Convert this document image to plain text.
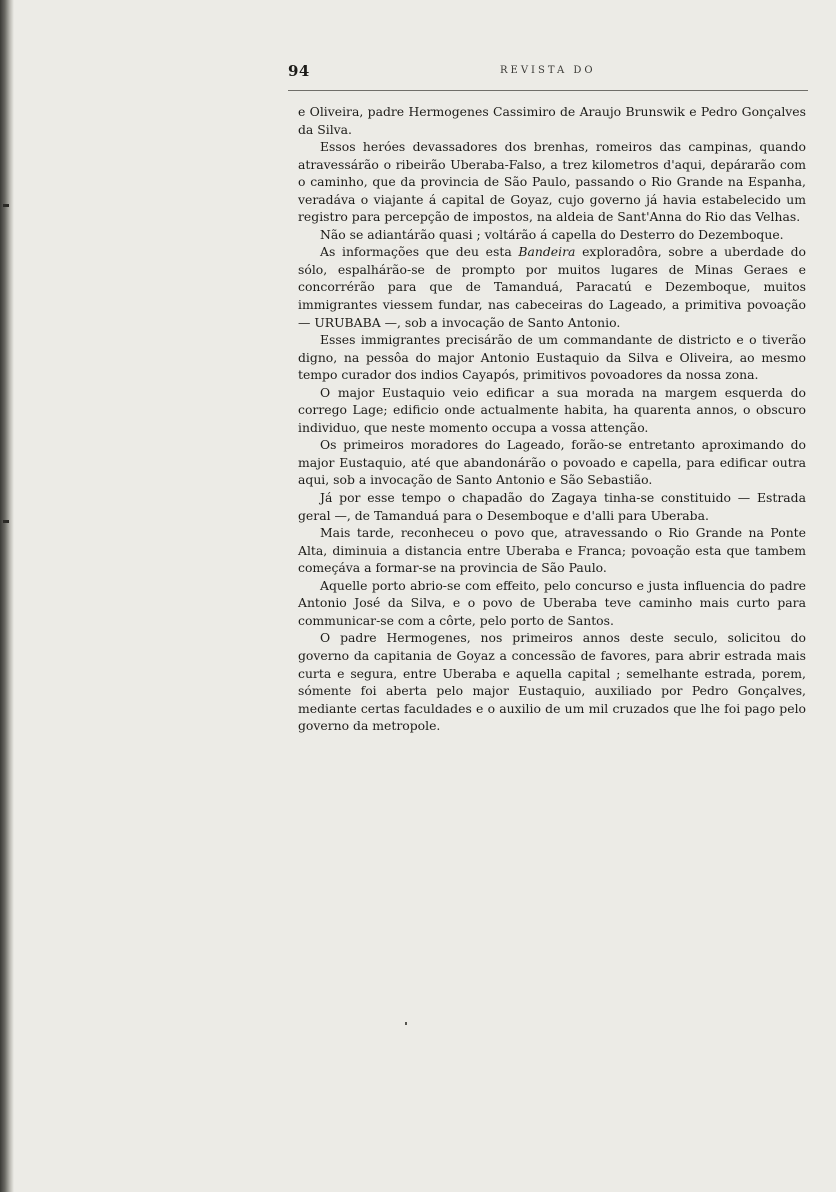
94	REVISTA DO

e Oliveira, padre Hermogenes Cassimiro de Araujo Brunswik e Pedro Gonçalves da Silva.

Essos heróes devassadores dos brenhas, romeiros das campinas, quando atravessárão o ribeirão Uberaba-Falso, a trez kilometros d'aqui, depárarão com o caminho, que da provincia de São Paulo, passando o Rio Grande na Espanha, veradáva o viajante á capital de Goyaz, cujo governo já havia estabelecido um registro para percepção de impostos, na aldeia de Sant'Anna do Rio das Velhas.

Não se adiantárão quasi ; voltárão á capella do Desterro do Dezemboque.

As informações que deu esta Bandeira exploradôra, sobre a uberdade do sólo, espalhárão-se de prompto por muitos lugares de Minas Geraes e concorrérão para que de Tamanduá, Paracatú e Dezemboque, muitos immigrantes viessem fundar, nas cabeceiras do Lageado, a primitiva povoação — URUBABA —, sob a invocação de Santo Antonio.

Esses immigrantes precisárão de um commandante de districto e o tiverão digno, na pessôa do major Antonio Eustaquio da Silva e Oliveira, ao mesmo tempo curador dos indios Cayapós, primitivos povoadores da nossa zona.

O major Eustaquio veio edificar a sua morada na margem esquerda do corrego Lage; edificio onde actualmente habita, ha quarenta annos, o obscuro individuo, que neste momento occupa a vossa attenção.

Os primeiros moradores do Lageado, forão-se entretanto aproximando do major Eustaquio, até que abandonárão o povoado e capella, para edificar outra aqui, sob a invocação de Santo Antonio e São Sebastião.

Já por esse tempo o chapadão do Zagaya tinha-se constituido — Estrada geral —, de Tamanduá para o Desemboque e d'alli para Uberaba.

Mais tarde, reconheceu o povo que, atravessando o Rio Grande na Ponte Alta, diminuia a distancia entre Uberaba e Franca; povoação esta que tambem começáva a formar-se na provincia de São Paulo.

Aquelle porto abrio-se com effeito, pelo concurso e justa influencia do padre Antonio José da Silva, e o povo de Uberaba teve caminho mais curto para communicar-se com a côrte, pelo porto de Santos.

O padre Hermogenes, nos primeiros annos deste seculo, solicitou do governo da capitania de Goyaz a concessão de favores, para abrir estrada mais curta e segura, entre Uberaba e aquella capital ; semelhante estrada, porem, sómente foi aberta pelo major Eustaquio, auxiliado por Pedro Gonçalves, mediante certas faculdades e o auxilio de um mil cruzados que lhe foi pago pelo governo da metropole.
